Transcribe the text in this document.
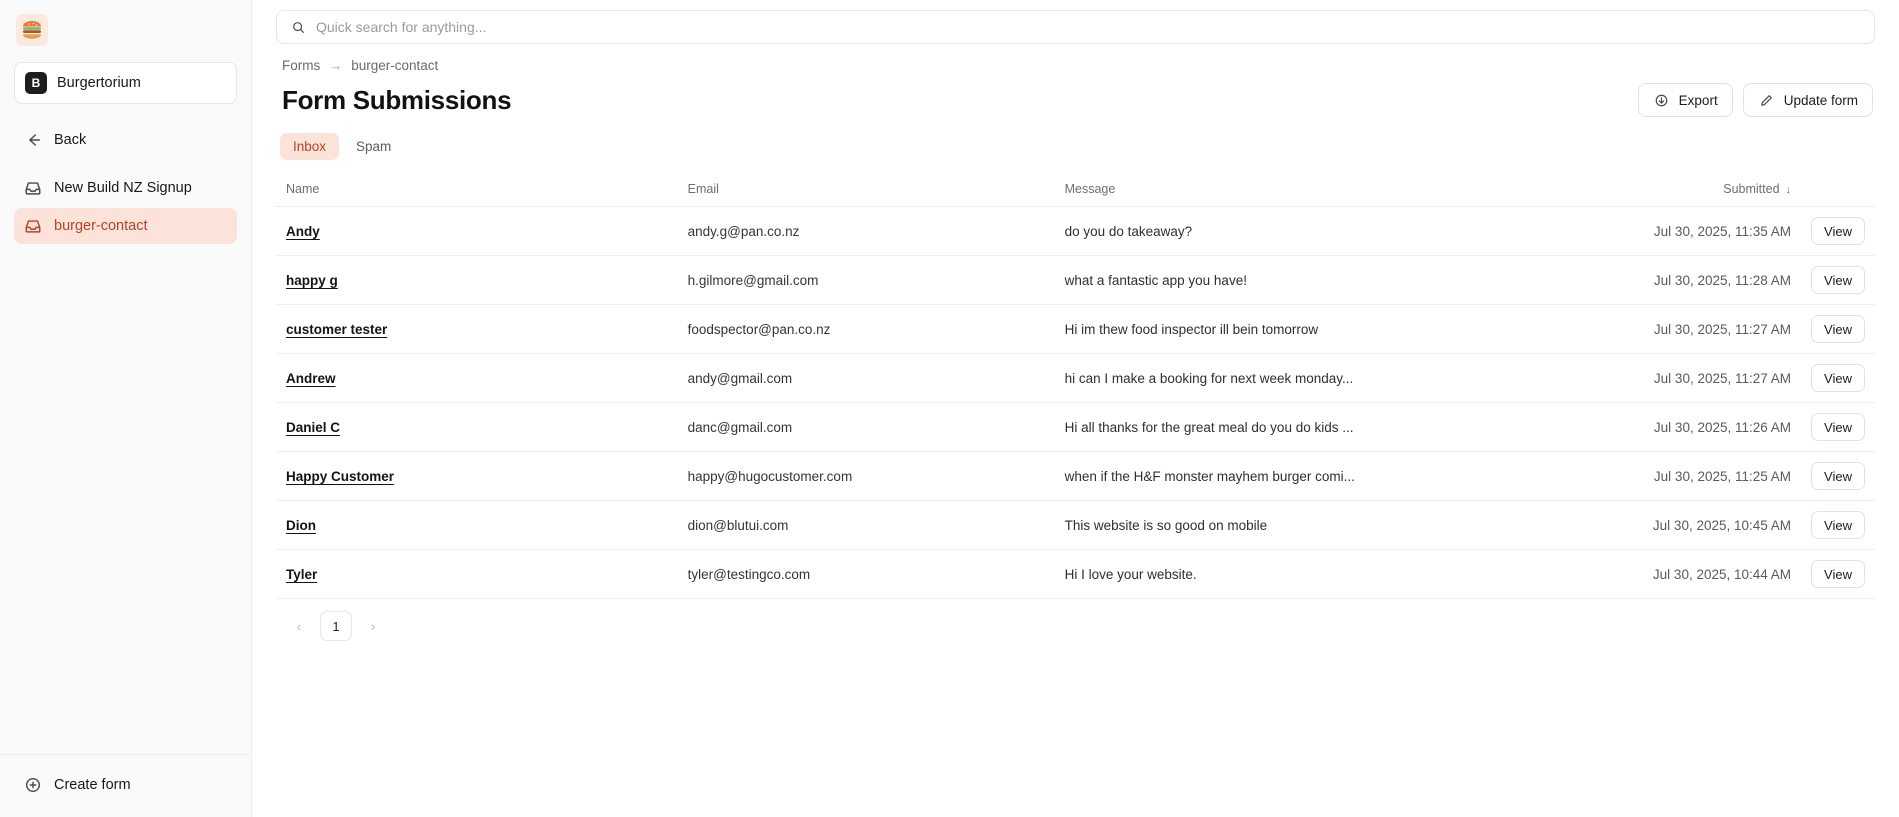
B	Burgertorium
Back
New Build NZ Signup
burger-contact
Create form
Quick search for anything...
Forms → burger-contact
Form Submissions	Export	Update form
Inbox	Spam
Name	Email	Message	Submitted ↓	
Andy	andy.g@pan.co.nz	do you do takeaway?	Jul 30, 2025, 11:35 AM	View
happy g	h.gilmore@gmail.com	what a fantastic app you have!	Jul 30, 2025, 11:28 AM	View
customer tester	foodspector@pan.co.nz	Hi im thew food inspector ill bein tomorrow	Jul 30, 2025, 11:27 AM	View
Andrew	andy@gmail.com	hi can I make a booking for next week monday...	Jul 30, 2025, 11:27 AM	View
Daniel C	danc@gmail.com	Hi all thanks for the great meal do you do kids ...	Jul 30, 2025, 11:26 AM	View
Happy Customer	happy@hugocustomer.com	when if the H&F monster mayhem burger comi...	Jul 30, 2025, 11:25 AM	View
Dion	dion@blutui.com	This website is so good on mobile	Jul 30, 2025, 10:45 AM	View
Tyler	tyler@testingco.com	Hi I love your website.	Jul 30, 2025, 10:44 AM	View
‹	1	›
